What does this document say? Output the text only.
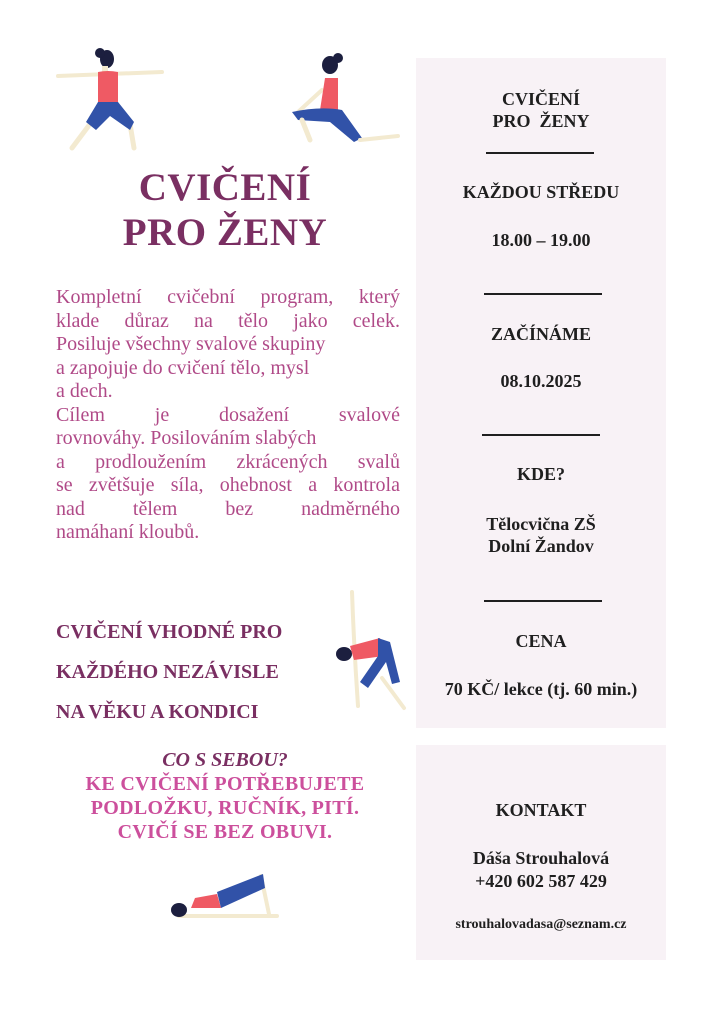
CVIČENÍ
PRO ŽENY

Kompletní cvičební program, který

klade důraz na tělo jako celek.

Posiluje všechny svalové skupiny

a zapojuje do cvičení tělo, mysl

a dech.

Cílem je dosažení svalové

rovnováhy. Posilováním slabých

a prodloužením zkrácených svalů

se zvětšuje síla, ohebnost a kontrola

nad tělem bez nadměrného

namáhaní kloubů.

CVIČENÍ VHODNÉ PRO
KAŽDÉHO NEZÁVISLE
NA VĚKU A KONDICI
CO S SEBOU?
KE CVIČENÍ POTŘEBUJETE
PODLOŽKU, RUČNÍK, PITÍ.
CVIČÍ SE BEZ OBUVI.
CVIČENÍ
PRO  ŽENY
KAŽDOU STŘEDU
18.00 – 19.00
ZAČÍNÁME
08.10.2025
KDE?
Tělocvična ZŠ
Dolní Žandov
CENA
70 KČ/ lekce (tj. 60 min.)
KONTAKT
Dáša Strouhalová
+420 602 587 429
strouhalovadasa@seznam.cz
